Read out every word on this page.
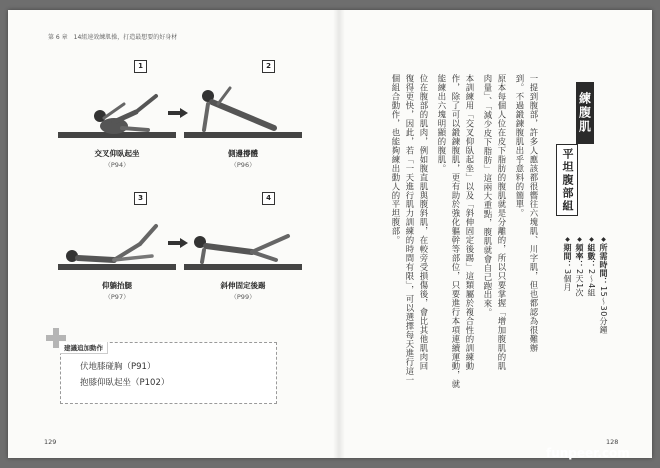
第 6 章　14組速效練肌操，打造最想要的好身材
1
交叉仰臥起坐
（P94）
2
側邊撐體
（P96）
3
仰躺抬腿
（P97）
4
斜伸固定後踢
（P99）
建議追加動作
伏地膝碰胸（P91）
抱膝仰臥起坐（P102）
129
練腹肌
平坦腹部組
◆所需時間：15～30分鐘
◆組數：2～4組
◆頻率：2天1次
◆期間：3個月
一提到腹部，許多人應該都很嚮往六塊肌、川字肌，但也都認為很難辦
到。不過鍛鍊腹肌出乎意料的簡單。
原本每個人位在皮下脂肪的腹肌就是分離的，所以只要掌握「增加腹肌的肌
肉量」、「減少皮下脂肪」這兩大重點，腹肌就會自己跑出來。
本訓練用「交叉仰臥起坐」以及「斜伸固定後踢」這類屬於複合性的訓練動
作，除了可以鍛鍊腹肌，更有助於強化軀幹等部位，只要進行本項連續運動，就
能練出六塊明顯的腹肌。
位在腹部的肌肉，例如腹直肌與腹斜肌，在較旁受損傷後，會比其他肌肉回
復得更快，因此，若「一天進行肌力訓練的時間有限」，可以選擇每天進行這一
個組合動作，也能夠練出動人的平坦腹部。
128
funpeer.com
